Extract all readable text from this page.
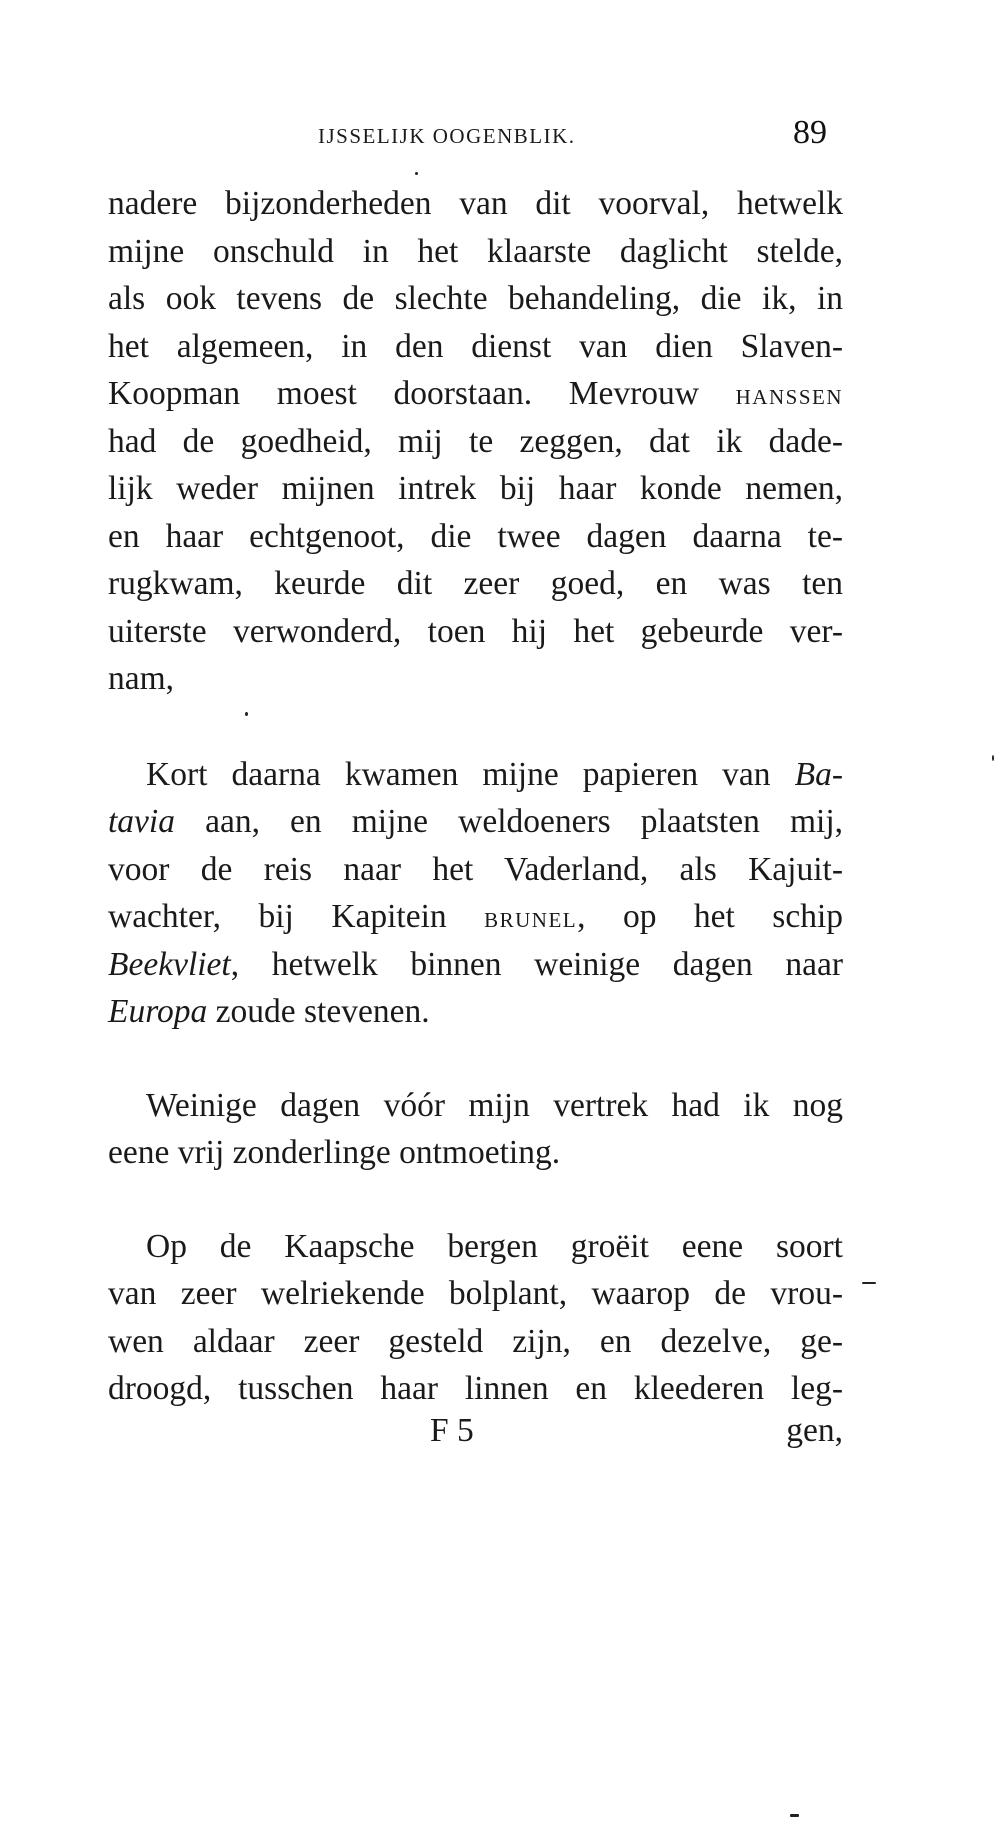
IJSSELIJK OOGENBLIK.	89
nadere bijzonderheden van dit voorval, hetwelk
mijne onschuld in het klaarste daglicht stelde,
als ook tevens de slechte behandeling, die ik, in
het algemeen, in den dienst van dien Slaven-
Koopman moest doorstaan. Mevrouw HANSSEN
had de goedheid, mij te zeggen, dat ik dade-
lijk weder mijnen intrek bij haar konde nemen,
en haar echtgenoot, die twee dagen daarna te-
rugkwam, keurde dit zeer goed, en was ten
uiterste verwonderd, toen hij het gebeurde ver-
nam,
Kort daarna kwamen mijne papieren van Ba-
tavia aan, en mijne weldoeners plaatsten mij,
voor de reis naar het Vaderland, als Kajuit-
wachter, bij Kapitein BRUNEL, op het schip
Beekvliet, hetwelk binnen weinige dagen naar
Europa zoude stevenen.
Weinige dagen vóór mijn vertrek had ik nog
eene vrij zonderlinge ontmoeting.
Op de Kaapsche bergen groëit eene soort
van zeer welriekende bolplant, waarop de vrou-
wen aldaar zeer gesteld zijn, en dezelve, ge-
droogd, tusschen haar linnen en kleederen leg-
F 5	gen,
